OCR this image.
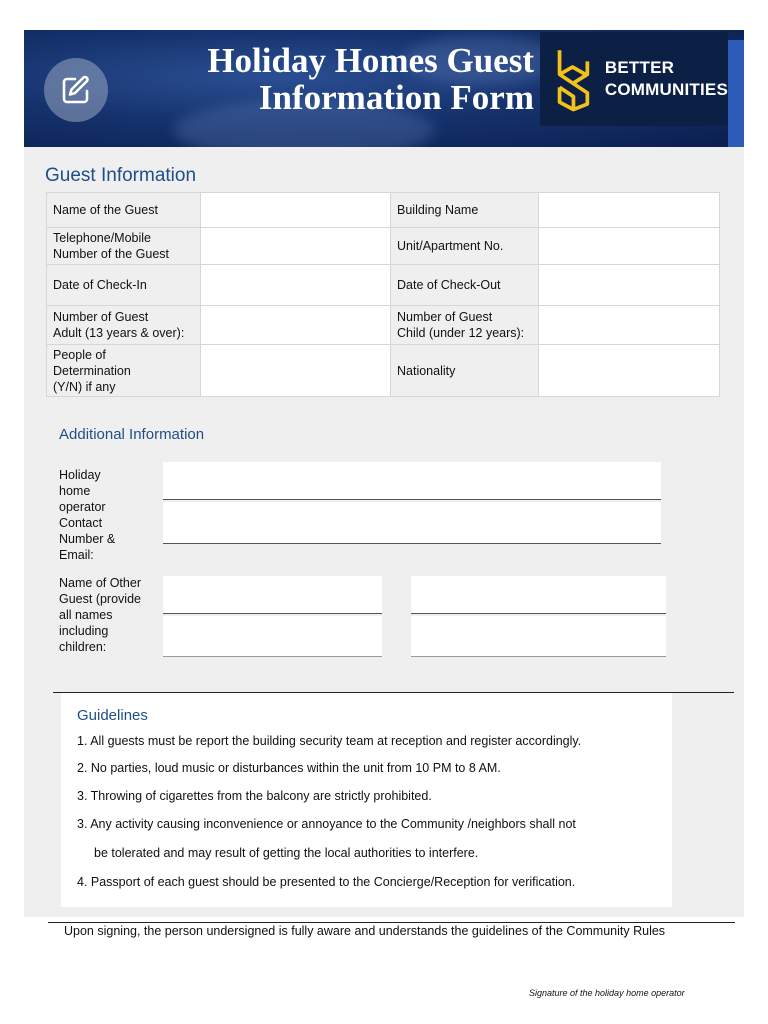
Holiday Homes Guest
Information Form
BETTER
COMMUNITIES
Guest Information
Name of the Guest		Building Name	
Telephone/Mobile
Number of the Guest		Unit/Apartment No.	
Date of Check-In		Date of Check-Out	
Number of Guest
Adult (13 years & over):		Number of Guest
Child (under 12 years):	
People of
Determination
(Y/N) if any		Nationality	
Additional Information
Holiday
home
operator
Contact
Number &
Email:
Name of Other
Guest (provide
all names
including
children:
Guidelines
1. All guests must be report the building security team at reception and register accordingly.
2. No parties, loud music or disturbances within the unit from 10 PM to 8 AM.
3. Throwing of cigarettes from the balcony are strictly prohibited.
3. Any activity causing inconvenience or annoyance to the Community /neighbors shall not
be tolerated and may result of getting the local authorities to interfere.
4. Passport of each guest should be presented to the Concierge/Reception for verification.
Upon signing, the person undersigned is fully aware and understands the guidelines of the Community Rules
Signature of the holiday home operator
